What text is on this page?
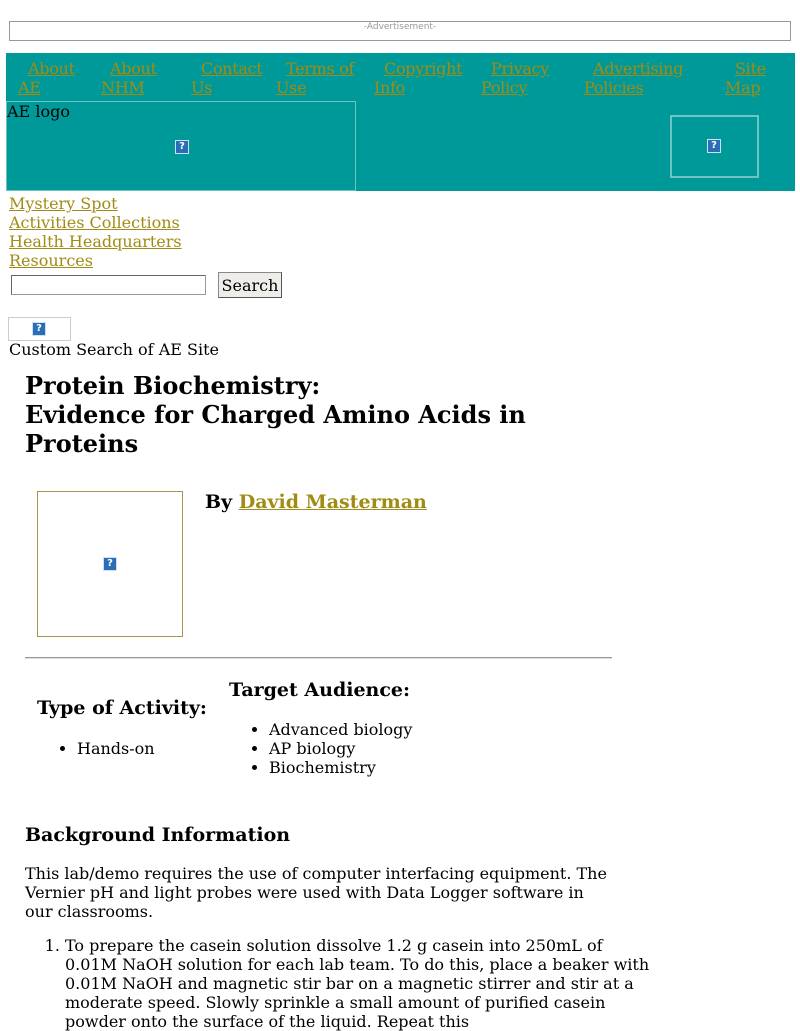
-Advertisement-
About
AE
About
NHM
Contact
Us
Terms of
Use
Copyright
Info
Privacy
Policy
Advertising
Policies
Site
Map
AE logo
?	?
Mystery Spot
Activities Collections
Health Headquarters
Resources
Search
?
Custom Search of AE Site
Protein Biochemistry:
Evidence for Charged Amino Acids in Proteins
?
By David Masterman
Type of Activity:
• Hands-on
Target Audience:
• Advanced biology
• AP biology
• Biochemistry
Background Information

This lab/demo requires the use of computer interfacing equipment. The Vernier pH and light probes were used with Data Logger software in our classrooms.

1. To prepare the casein solution dissolve 1.2 g casein into 250mL of 0.01M NaOH solution for each lab team. To do this, place a beaker with 0.01M NaOH and magnetic stir bar on a magnetic stirrer and stir at a moderate speed. Slowly sprinkle a small amount of purified casein powder onto the surface of the liquid. Repeat this
